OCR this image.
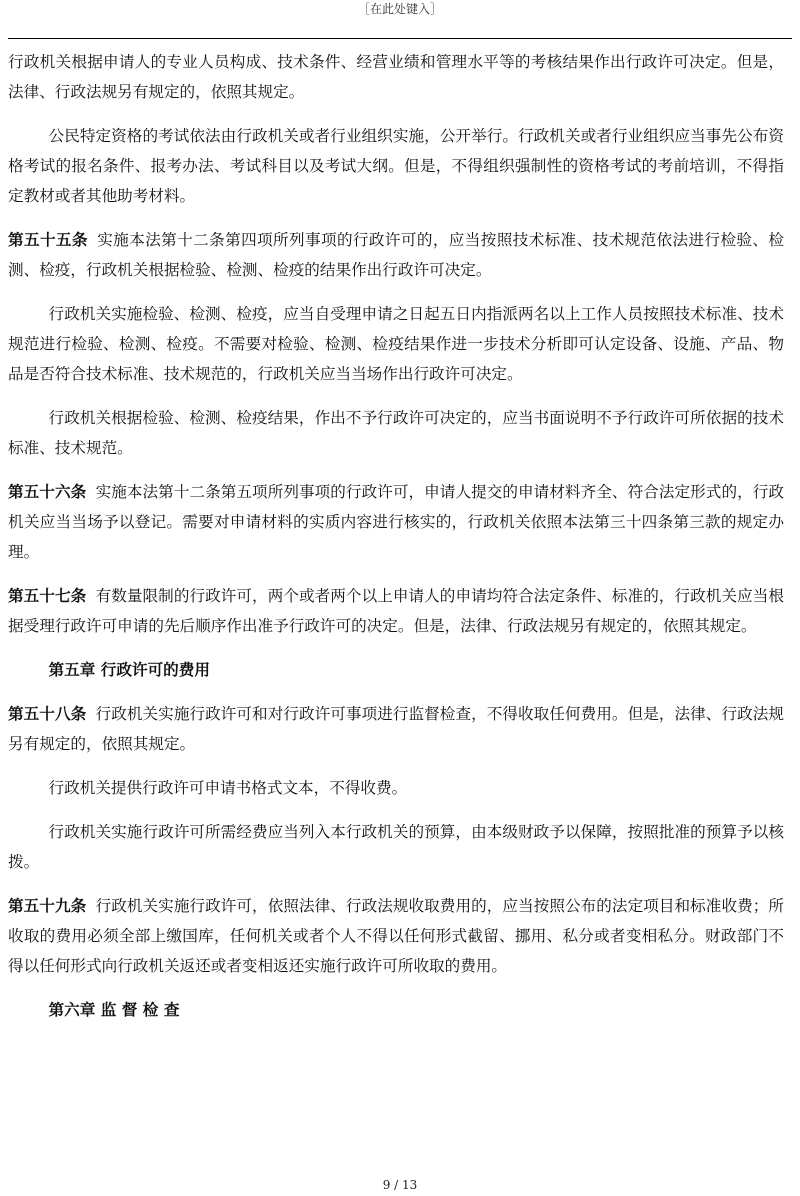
［在此处键入］

行政机关根据申请人的专业人员构成、技术条件、经营业绩和管理水平等的考核结果作出行政许可决定。但是，法律、行政法规另有规定的，依照其规定。

公民特定资格的考试依法由行政机关或者行业组织实施，公开举行。行政机关或者行业组织应当事先公布资格考试的报名条件、报考办法、考试科目以及考试大纲。但是，不得组织强制性的资格考试的考前培训，不得指定教材或者其他助考材料。

第五十五条 实施本法第十二条第四项所列事项的行政许可的，应当按照技术标准、技术规范依法进行检验、检测、检疫，行政机关根据检验、检测、检疫的结果作出行政许可决定。

行政机关实施检验、检测、检疫，应当自受理申请之日起五日内指派两名以上工作人员按照技术标准、技术规范进行检验、检测、检疫。不需要对检验、检测、检疫结果作进一步技术分析即可认定设备、设施、产品、物品是否符合技术标准、技术规范的，行政机关应当当场作出行政许可决定。

行政机关根据检验、检测、检疫结果，作出不予行政许可决定的，应当书面说明不予行政许可所依据的技术标准、技术规范。

第五十六条 实施本法第十二条第五项所列事项的行政许可，申请人提交的申请材料齐全、符合法定形式的，行政机关应当当场予以登记。需要对申请材料的实质内容进行核实的，行政机关依照本法第三十四条第三款的规定办理。

第五十七条 有数量限制的行政许可，两个或者两个以上申请人的申请均符合法定条件、标准的，行政机关应当根据受理行政许可申请的先后顺序作出准予行政许可的决定。但是，法律、行政法规另有规定的，依照其规定。

第五章 行政许可的费用

第五十八条 行政机关实施行政许可和对行政许可事项进行监督检查，不得收取任何费用。但是，法律、行政法规另有规定的，依照其规定。

行政机关提供行政许可申请书格式文本，不得收费。

行政机关实施行政许可所需经费应当列入本行政机关的预算，由本级财政予以保障，按照批准的预算予以核拨。

第五十九条 行政机关实施行政许可，依照法律、行政法规收取费用的，应当按照公布的法定项目和标准收费；所收取的费用必须全部上缴国库，任何机关或者个人不得以任何形式截留、挪用、私分或者变相私分。财政部门不得以任何形式向行政机关返还或者变相返还实施行政许可所收取的费用。

第六章 监 督 检 查

9 / 13
